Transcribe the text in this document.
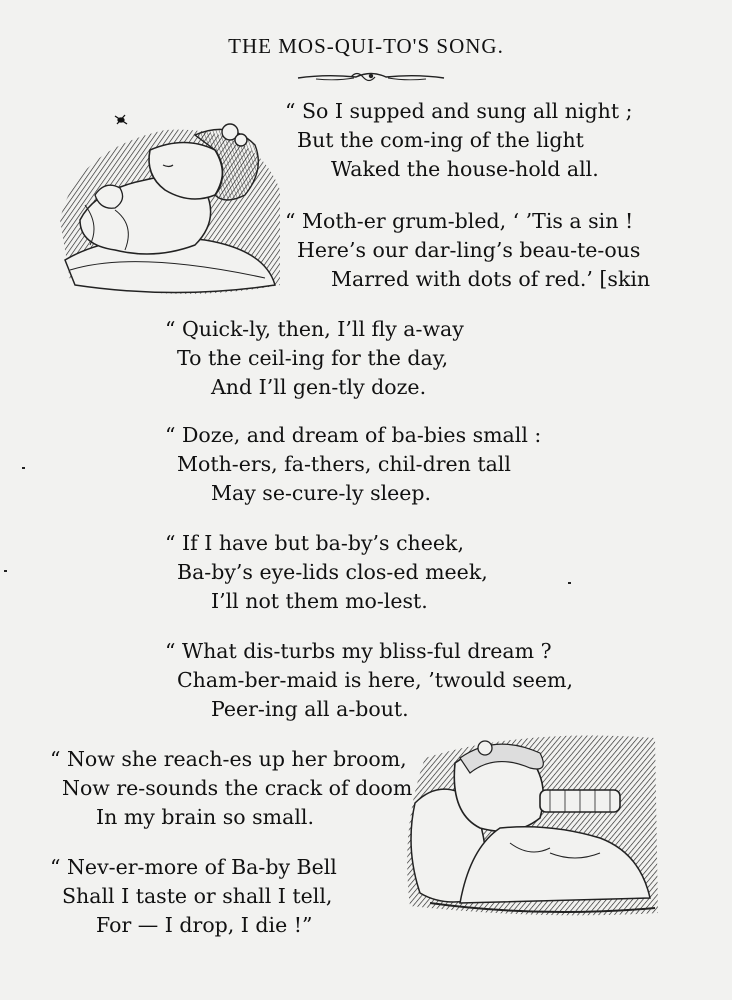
THE MOS-QUI-TO'S SONG.
“ So I supped and sung all night ;
But the com-ing of the light
Waked the house-hold all.
“ Moth-er grum-bled, ‘ ’Tis a sin !
Here’s our dar-ling’s beau-te-ous
Marred with dots of red.’ [skin
“ Quick-ly, then, I’ll fly a-way
To the ceil-ing for the day,
And I’ll gen-tly doze.
“ Doze, and dream of ba-bies small :
Moth-ers, fa-thers, chil-dren tall
May se-cure-ly sleep.
“ If I have but ba-by’s cheek,
Ba-by’s eye-lids clos-ed meek,
I’ll not them mo-lest.
“ What dis-turbs my bliss-ful dream ?
Cham-ber-maid is here, ’twould seem,
Peer-ing all a-bout.
“ Now she reach-es up her broom,
Now re-sounds the crack of doom
In my brain so small.
“ Nev-er-more of Ba-by Bell
Shall I taste or shall I tell,
For — I drop, I die !”
